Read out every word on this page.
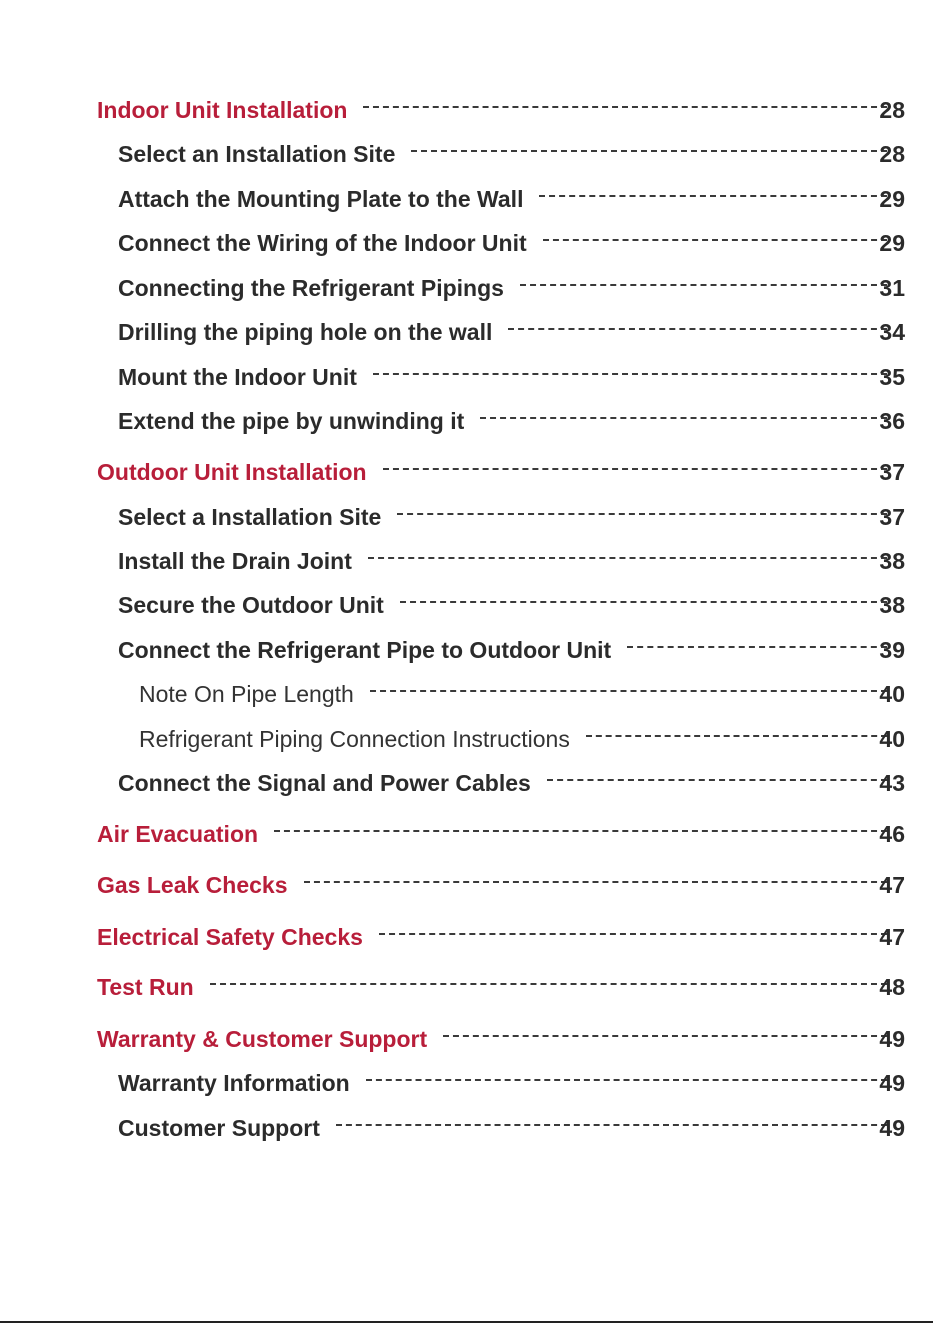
Indoor Unit Installation	28
Select an Installation Site	28
Attach the Mounting Plate to the Wall	29
Connect the Wiring of the Indoor Unit	29
Connecting the Refrigerant Pipings	31
Drilling the piping hole on the wall	34
Mount the Indoor Unit	35
Extend the pipe by unwinding it	36
Outdoor Unit Installation	37
Select a Installation Site	37
Install the Drain Joint	38
Secure the Outdoor Unit	38
Connect the Refrigerant Pipe to Outdoor Unit	39
Note On Pipe Length	40
Refrigerant Piping Connection Instructions	40
Connect the Signal and Power Cables	43
Air Evacuation	46
Gas Leak Checks	47
Electrical Safety Checks	47
Test Run	48
Warranty & Customer Support	49
Warranty Information	49
Customer Support	49
